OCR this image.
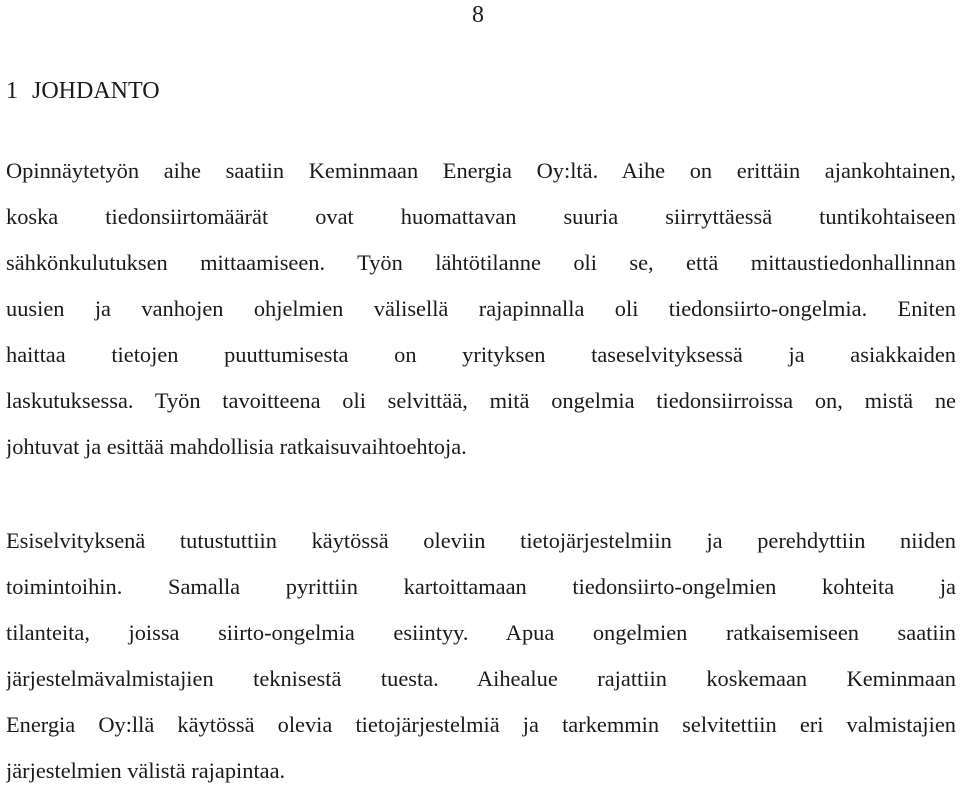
8
1 JOHDANTO

Opinnäytetyön aihe saatiin Keminmaan Energia Oy:ltä. Aihe on erittäin ajankohtainen,
koska tiedonsiirtomäärät ovat huomattavan suuria siirryttäessä tuntikohtaiseen
sähkönkulutuksen mittaamiseen. Työn lähtötilanne oli se, että mittaustiedonhallinnan
uusien ja vanhojen ohjelmien välisellä rajapinnalla oli tiedonsiirto-ongelmia. Eniten
haittaa tietojen puuttumisesta on yrityksen taseselvityksessä ja asiakkaiden
laskutuksessa. Työn tavoitteena oli selvittää, mitä ongelmia tiedonsiirroissa on, mistä ne
johtuvat ja esittää mahdollisia ratkaisuvaihtoehtoja.

Esiselvityksenä tutustuttiin käytössä oleviin tietojärjestelmiin ja perehdyttiin niiden
toimintoihin. Samalla pyrittiin kartoittamaan tiedonsiirto-ongelmien kohteita ja
tilanteita, joissa siirto-ongelmia esiintyy. Apua ongelmien ratkaisemiseen saatiin
järjestelmävalmistajien teknisestä tuesta. Aihealue rajattiin koskemaan Keminmaan
Energia Oy:llä käytössä olevia tietojärjestelmiä ja tarkemmin selvitettiin eri valmistajien
järjestelmien välistä rajapintaa.
